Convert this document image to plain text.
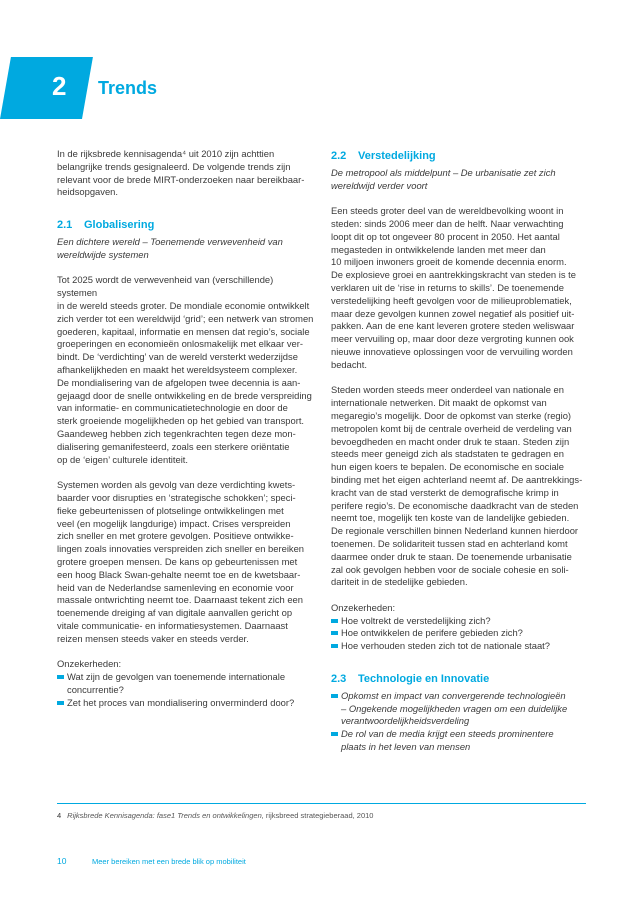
2 Trends

In de rijksbrede kennisagenda⁴ uit 2010 zijn achttien
belangrijke trends gesignaleerd. De volgende trends zijn
relevant voor de brede MIRT-onderzoeken naar bereikbaar-
heidsopgaven.

2.1 Globalisering
Een dichtere wereld – Toenemende verwevenheid van
wereldwijde systemen

Tot 2025 wordt de verwevenheid van (verschillende) systemen
in de wereld steeds groter. De mondiale economie ontwikkelt
zich verder tot een wereldwijd ‘grid’; een netwerk van stromen
goederen, kapitaal, informatie en mensen dat regio’s, sociale
groeperingen en economieën onlosmakelijk met elkaar ver-
bindt. De ‘verdichting’ van de wereld versterkt wederzijdse
afhankelijkheden en maakt het wereldsysteem complexer.
De mondialisering van de afgelopen twee decennia is aan-
gejaagd door de snelle ontwikkeling en de brede verspreiding
van informatie- en communicatietechnologie en door de
sterk groeiende mogelijkheden op het gebied van transport.
Gaandeweg hebben zich tegenkrachten tegen deze mon-
dialisering gemanifesteerd, zoals een sterkere oriëntatie
op de ‘eigen’ culturele identiteit.

Systemen worden als gevolg van deze verdichting kwets-
baarder voor disrupties en ‘strategische schokken’; speci-
fieke gebeurtenissen of plotselinge ontwikkelingen met
veel (en mogelijk langdurige) impact. Crises verspreiden
zich sneller en met grotere gevolgen. Positieve ontwikke-
lingen zoals innovaties verspreiden zich sneller en bereiken
grotere groepen mensen. De kans op gebeurtenissen met
een hoog Black Swan-gehalte neemt toe en de kwetsbaar-
heid van de Nederlandse samenleving en economie voor
massale ontwrichting neemt toe. Daarnaast tekent zich een
toenemende dreiging af van digitale aanvallen gericht op
vitale communicatie- en informatiesystemen. Daarnaast
reizen mensen steeds vaker en steeds verder.

Onzekerheden:

Wat zijn de gevolgen van toenemende internationale
concurrentie?
Zet het proces van mondialisering onverminderd door?
2.2 Verstedelijking
De metropool als middelpunt – De urbanisatie zet zich
wereldwijd verder voort

Een steeds groter deel van de wereldbevolking woont in
steden: sinds 2006 meer dan de helft. Naar verwachting
loopt dit op tot ongeveer 80 procent in 2050. Het aantal
megasteden in ontwikkelende landen met meer dan
10 miljoen inwoners groeit de komende decennia enorm.
De explosieve groei en aantrekkingskracht van steden is te
verklaren uit de ‘rise in returns to skills’. De toenemende
verstedelijking heeft gevolgen voor de milieuproblematiek,
maar deze gevolgen kunnen zowel negatief als positief uit-
pakken. Aan de ene kant leveren grotere steden weliswaar
meer vervuiling op, maar door deze vergroting kunnen ook
nieuwe innovatieve oplossingen voor de vervuiling worden
bedacht.

Steden worden steeds meer onderdeel van nationale en
internationale netwerken. Dit maakt de opkomst van
megaregio’s mogelijk. Door de opkomst van sterke (regio)
metropolen komt bij de centrale overheid de verdeling van
bevoegdheden en macht onder druk te staan. Steden zijn
steeds meer geneigd zich als stadstaten te gedragen en
hun eigen koers te bepalen. De economische en sociale
binding met het eigen achterland neemt af. De aantrekkings-
kracht van de stad versterkt de demografische krimp in
perifere regio’s. De economische daadkracht van de steden
neemt toe, mogelijk ten koste van de landelijke gebieden.
De regionale verschillen binnen Nederland kunnen hierdoor
toenemen. De solidariteit tussen stad en achterland komt
daarmee onder druk te staan. De toenemende urbanisatie
zal ook gevolgen hebben voor de sociale cohesie en soli-
dariteit in de stedelijke gebieden.

Onzekerheden:

Hoe voltrekt de verstedelijking zich?
Hoe ontwikkelen de perifere gebieden zich?
Hoe verhouden steden zich tot de nationale staat?
2.3 Technologie en Innovatie
Opkomst en impact van convergerende technologieën
– Ongekende mogelijkheden vragen om een duidelijke
verantwoordelijkheidsverdeling
De rol van de media krijgt een steeds prominentere
plaats in het leven van mensen
4 Rijksbrede Kennisagenda: fase1 Trends en ontwikkelingen, rijksbreed strategieberaad, 2010
10	Meer bereiken met een brede blik op mobiliteit
